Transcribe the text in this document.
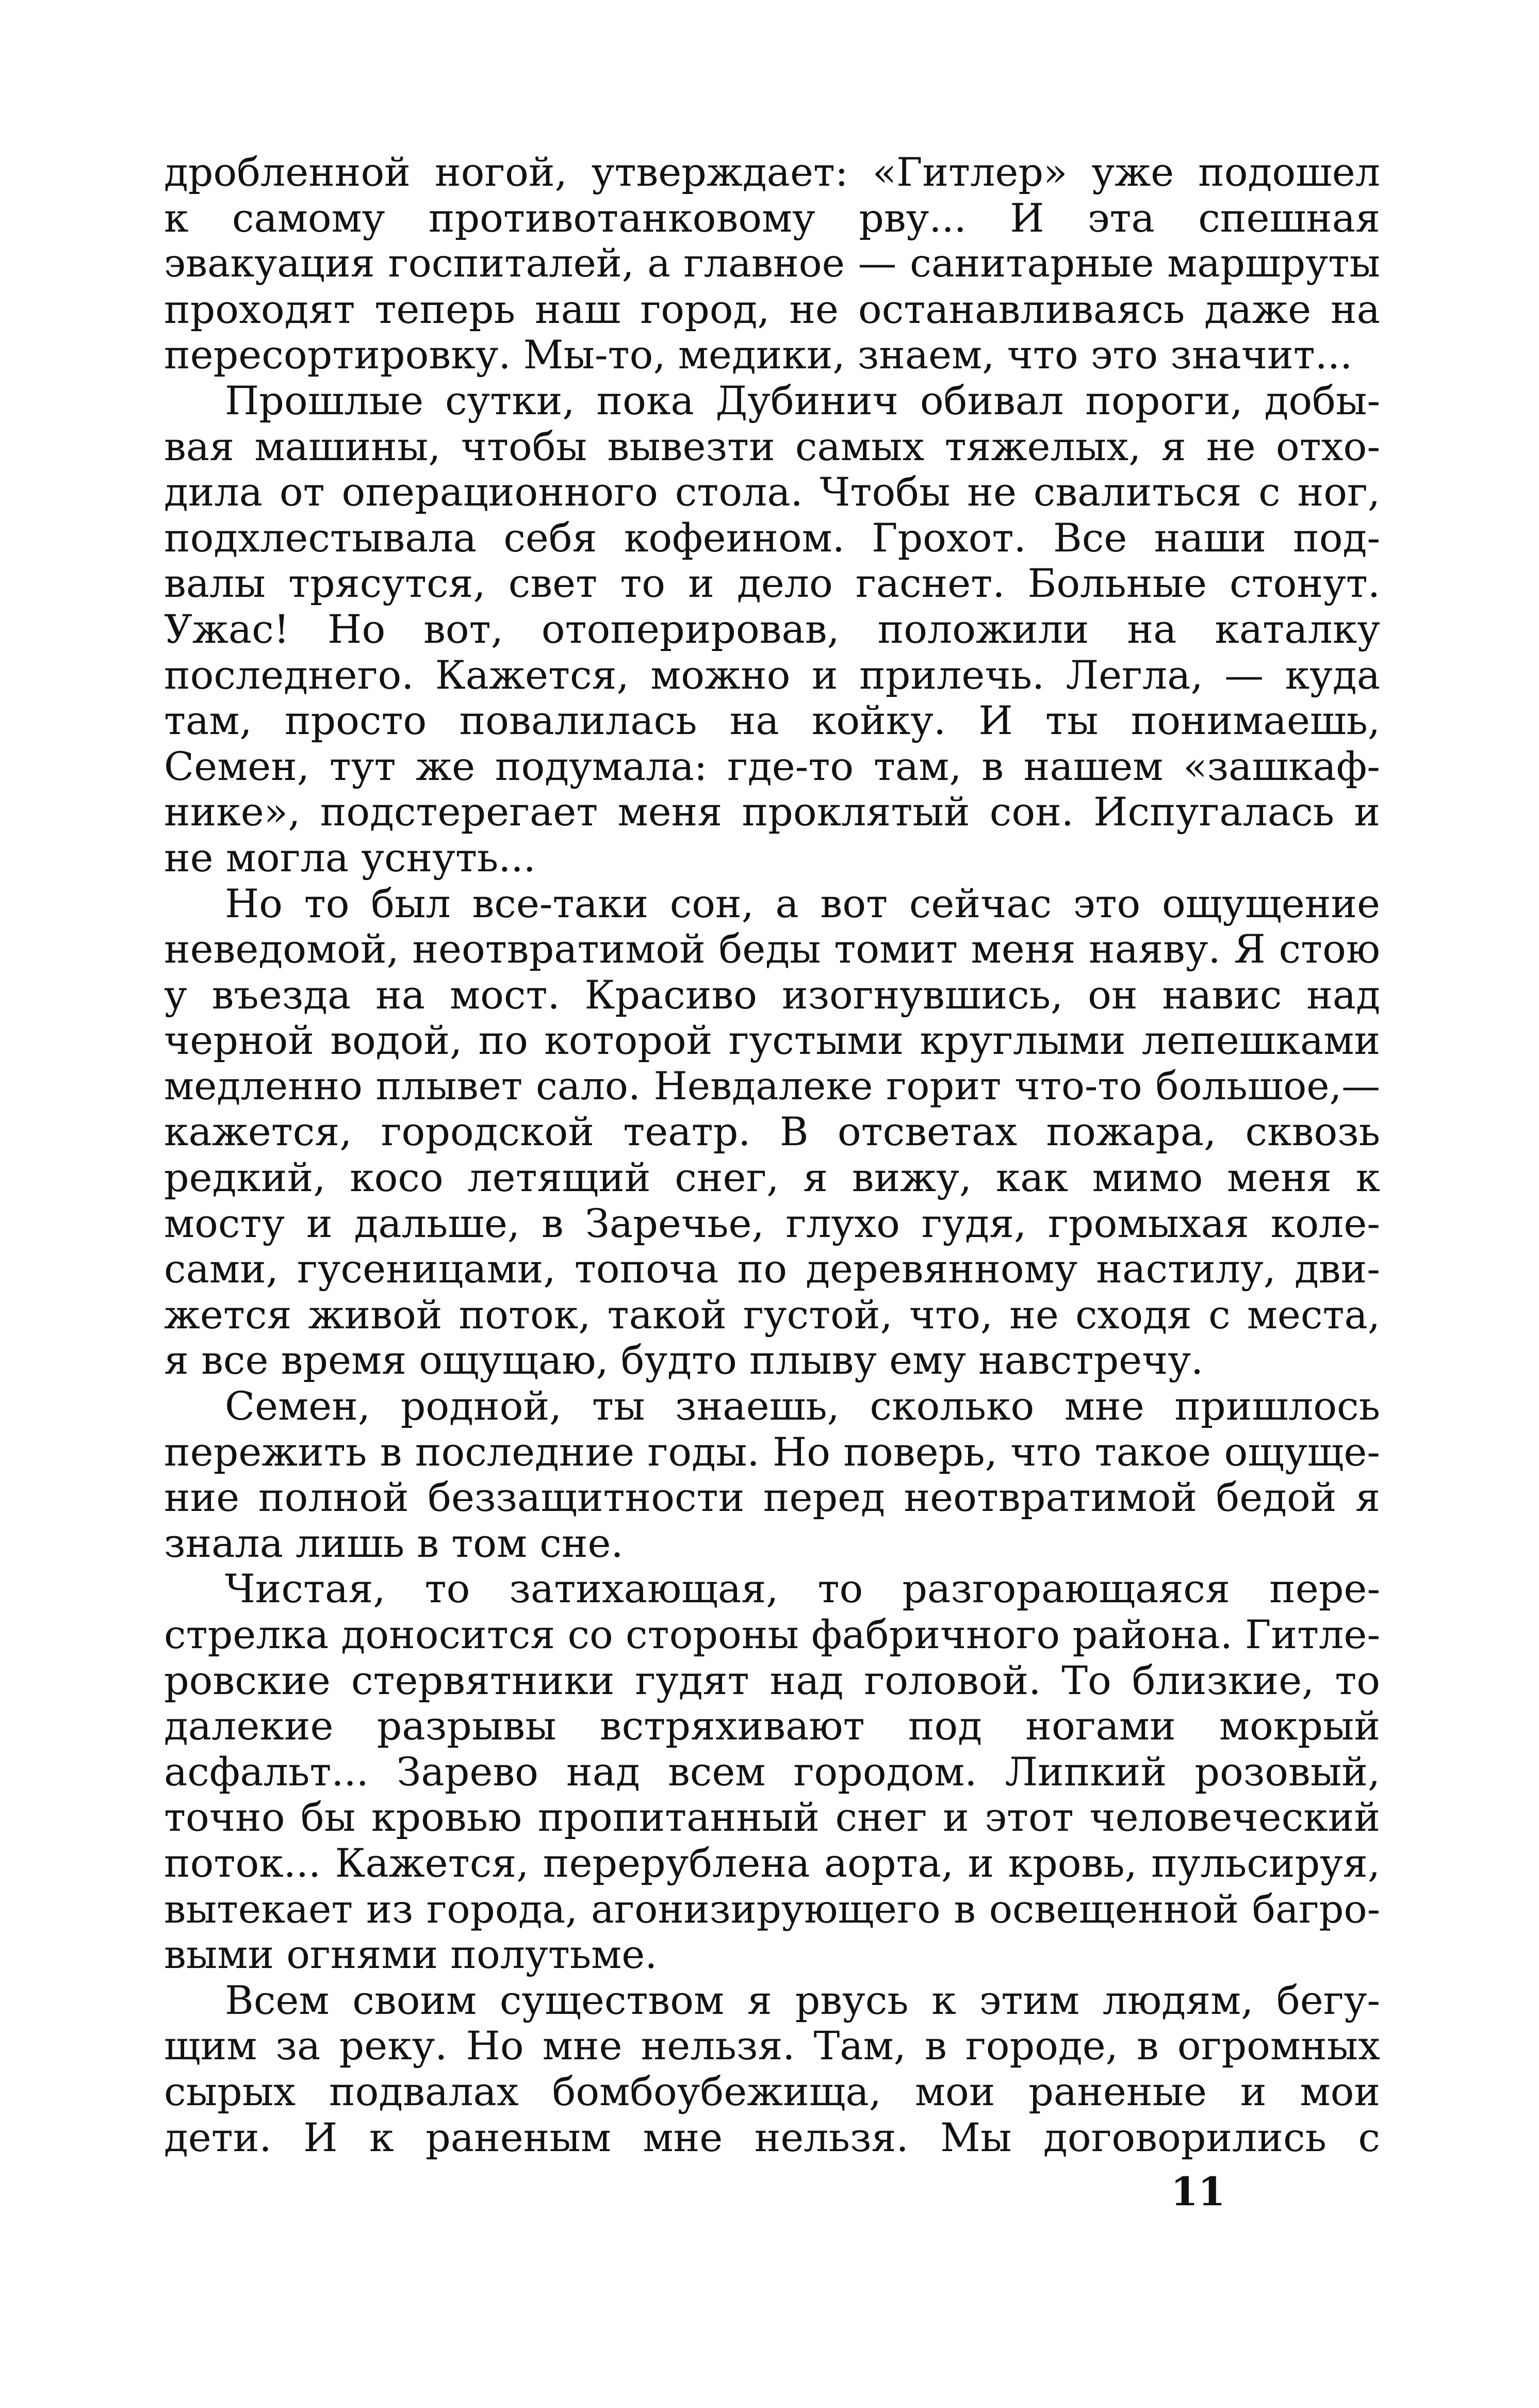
дробленной ногой, утверждает: «Гитлер» уже подошел
к самому противотанковому рву... И эта спешная
эвакуация госпиталей, а главное — санитарные маршруты
проходят теперь наш город, не останавливаясь даже на
пересортировку. Мы-то, медики, знаем, что это значит...
Прошлые сутки, пока Дубинич обивал пороги, добы-
вая машины, чтобы вывезти самых тяжелых, я не отхо-
дила от операционного стола. Чтобы не свалиться с ног,
подхлестывала себя кофеином. Грохот. Все наши под-
валы трясутся, свет то и дело гаснет. Больные стонут.
Ужас! Но вот, отоперировав, положили на каталку
последнего. Кажется, можно и прилечь. Легла, — куда
там, просто повалилась на койку. И ты понимаешь,
Семен, тут же подумала: где-то там, в нашем «зашкаф-
нике», подстерегает меня проклятый сон. Испугалась и
не могла уснуть...
Но то был все-таки сон, а вот сейчас это ощущение
неведомой, неотвратимой беды томит меня наяву. Я стою
у въезда на мост. Красиво изогнувшись, он навис над
черной водой, по которой густыми круглыми лепешками
медленно плывет сало. Невдалеке горит что-то большое,—
кажется, городской театр. В отсветах пожара, сквозь
редкий, косо летящий снег, я вижу, как мимо меня к
мосту и дальше, в Заречье, глухо гудя, громыхая коле-
сами, гусеницами, топоча по деревянному настилу, дви-
жется живой поток, такой густой, что, не сходя с места,
я все время ощущаю, будто плыву ему навстречу.
Семен, родной, ты знаешь, сколько мне пришлось
пережить в последние годы. Но поверь, что такое ощуще-
ние полной беззащитности перед неотвратимой бедой я
знала лишь в том сне.
Чистая, то затихающая, то разгорающаяся пере-
стрелка доносится со стороны фабричного района. Гитле-
ровские стервятники гудят над головой. То близкие, то
далекие разрывы встряхивают под ногами мокрый
асфальт... Зарево над всем городом. Липкий розовый,
точно бы кровью пропитанный снег и этот человеческий
поток... Кажется, перерублена аорта, и кровь, пульсируя,
вытекает из города, агонизирующего в освещенной багро-
выми огнями полутьме.
Всем своим существом я рвусь к этим людям, бегу-
щим за реку. Но мне нельзя. Там, в городе, в огромных
сырых подвалах бомбоубежища, мои раненые и мои
дети. И к раненым мне нельзя. Мы договорились с
11
